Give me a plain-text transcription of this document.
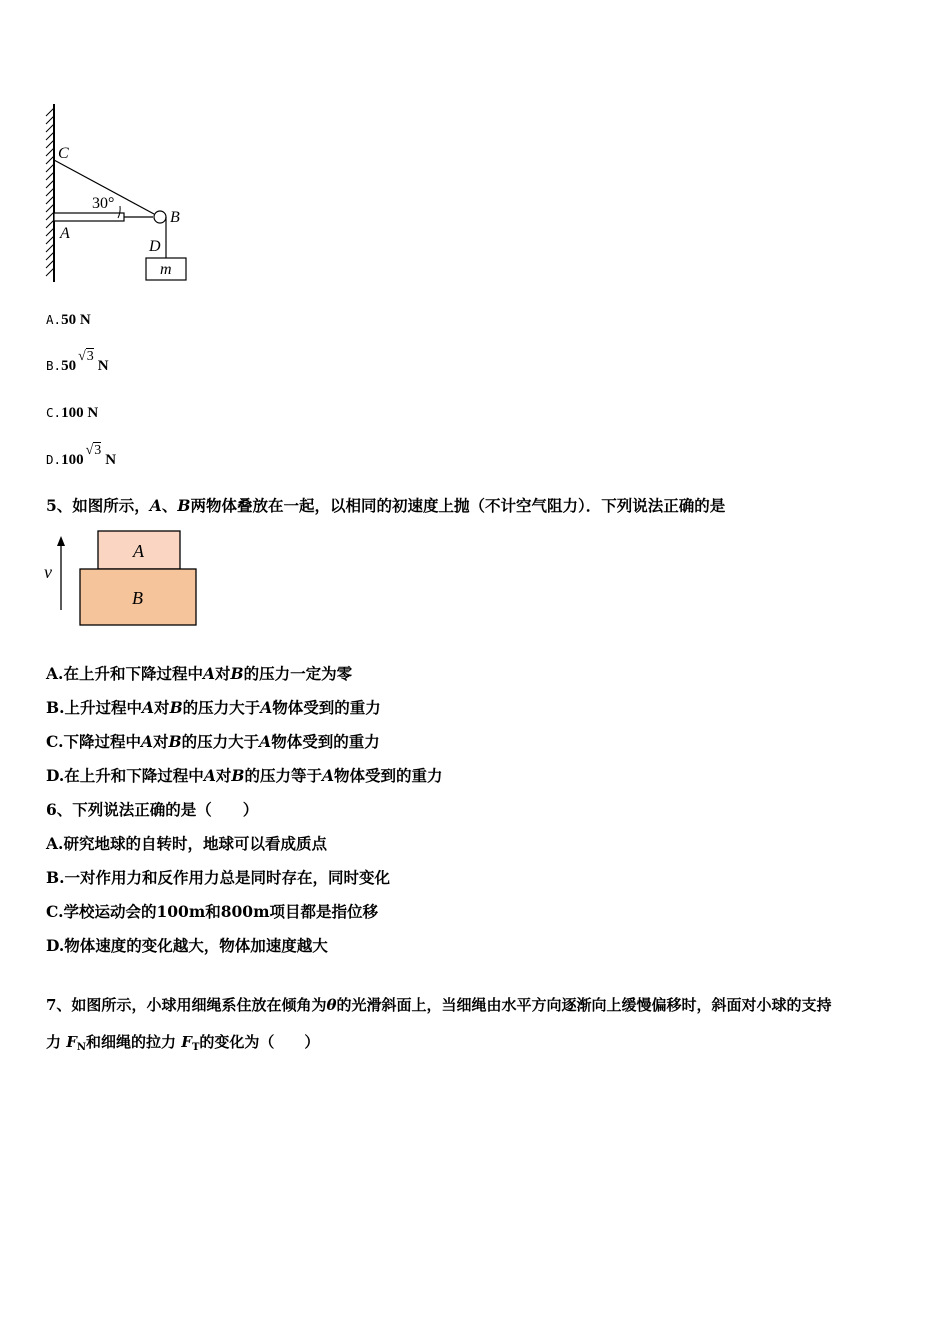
C
30°
B
A
D
m
A.50 N
B.50√3N
C.100 N
D.100√3N
5、如图所示，A、B两物体叠放在一起，以相同的初速度上抛（不计空气阻力）．下列说法正确的是
v
A
B
A.在上升和下降过程中A对B的压力一定为零
B.上升过程中A对B的压力大于A物体受到的重力
C.下降过程中A对B的压力大于A物体受到的重力
D.在上升和下降过程中A对B的压力等于A物体受到的重力
6、下列说法正确的是（　　）
A.研究地球的自转时，地球可以看成质点
B.一对作用力和反作用力总是同时存在，同时变化
C.学校运动会的100m和800m项目都是指位移
D.物体速度的变化越大，物体加速度越大
7、如图所示，小球用细绳系住放在倾角为θ的光滑斜面上，当细绳由水平方向逐渐向上缓慢偏移时，斜面对小球的支持
力 $F_N$和细绳的拉力 $F_T$的变化为（　　）
